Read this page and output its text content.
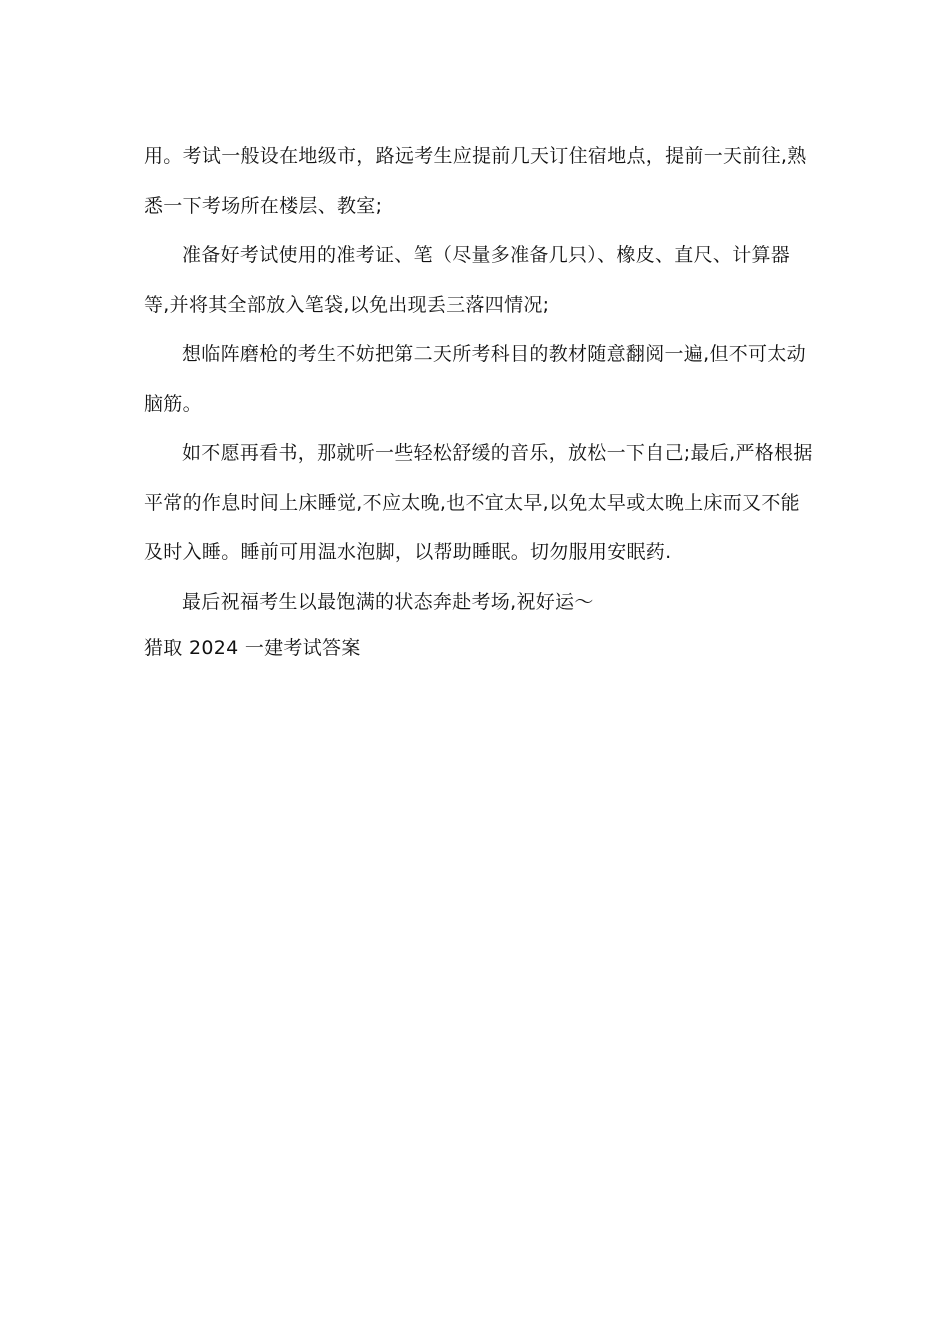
用。考试一般设在地级市，路远考生应提前几天订住宿地点，提前一天前往,熟
悉一下考场所在楼层、教室;
准备好考试使用的准考证、笔（尽量多准备几只）、橡皮、直尺、计算器
等,并将其全部放入笔袋,以免出现丢三落四情况;
想临阵磨枪的考生不妨把第二天所考科目的教材随意翻阅一遍,但不可太动
脑筋。
如不愿再看书，那就听一些轻松舒缓的音乐，放松一下自己;最后,严格根据
平常的作息时间上床睡觉,不应太晚,也不宜太早,以免太早或太晚上床而又不能
及时入睡。睡前可用温水泡脚，以帮助睡眠。切勿服用安眠药.
最后祝福考生以最饱满的状态奔赴考场,祝好运～
猎取 2024 一建考试答案
